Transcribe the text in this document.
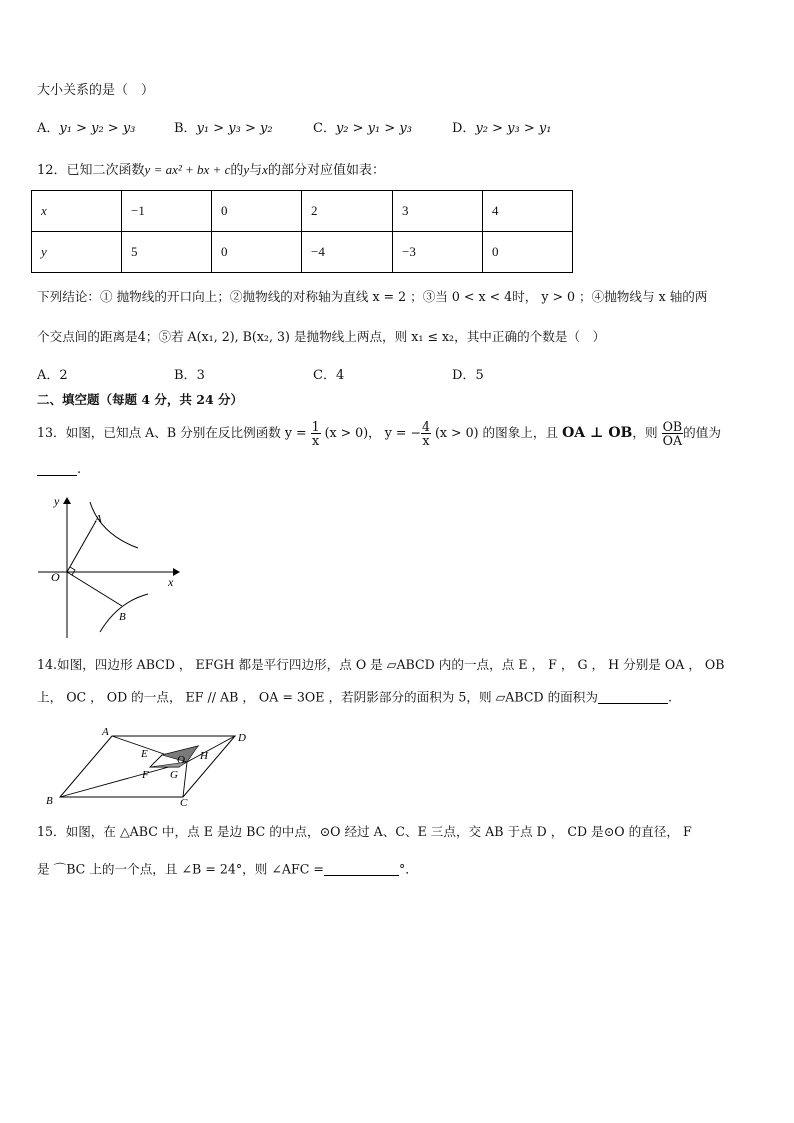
大小关系的是（　）
A．y₁ > y₂ > y₃	B．y₁ > y₃ > y₂	C．y₂ > y₁ > y₃	D．y₂ > y₃ > y₁
12．已知二次函数y = ax² + bx + c的y与x的部分对应值如表：
x	−1	0	2	3	4
y	5	0	−4	−3	0
下列结论：① 抛物线的开口向上；②抛物线的对称轴为直线 x = 2 ；③当 0 < x < 4时， y > 0 ；④抛物线与 x 轴的两
个交点间的距离是4；⑤若 A(x₁, 2), B(x₂, 3) 是抛物线上两点，则 x₁ ≤ x₂，其中正确的个数是（　）
A．2	B．3	C．4	D．5
二、填空题（每题 4 分，共 24 分）
13．如图，已知点 A、B 分别在反比例函数 $y = \frac{1}{x} (x > 0)$， y = − $\frac{4}{x} (x > 0)$ 的图象上，且 OA ⊥ OB，则 $\frac{OB}{OA}$ 的值为
.
y
x
A
O
B
14.如图，四边形 ABCD ， EFGH 都是平行四边形，点 O 是 ▱ABCD 内的一点，点 E ， F ， G ， H 分别是 OA ， OB
上， OC ， OD 的一点， EF // AB ， OA = 3OE ，若阴影部分的面积为 5，则 ▱ABCD 的面积为	.
A	D
B	C
E
F G
H
O
15．如图，在 △ABC 中，点 E 是边 BC 的中点，⊙O 经过 A、C、E 三点，交 AB 于点 D ， CD 是⊙O 的直径， F
是 ⌒BC 上的一个点，且 ∠B = 24°，则 ∠AFC =	°．
